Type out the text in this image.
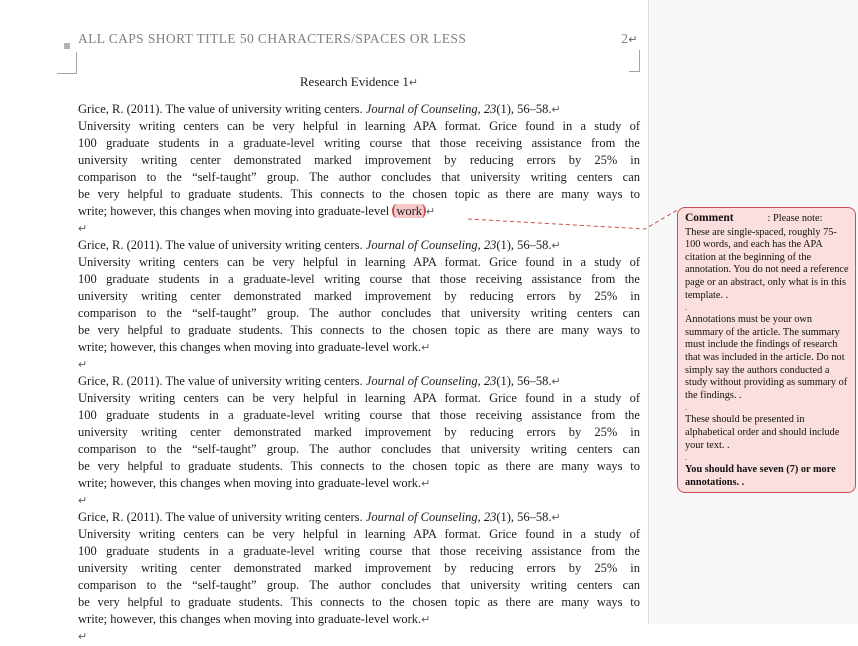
ALL CAPS SHORT TITLE 50 CHARACTERS/SPACES OR LESS	2↵
Research Evidence 1↵
Grice, R. (2011). The value of university writing centers. Journal of Counseling, 23(1), 56–58.↵
University writing centers can be very helpful in learning APA format. Grice found in a study of
100 graduate students in a graduate-level writing course that those receiving assistance from the
university writing center demonstrated marked improvement by reducing errors by 25% in
comparison to the “self-taught” group. The author concludes that university writing centers can
be very helpful to graduate students. This connects to the chosen topic as there are many ways to
write; however, this changes when moving into graduate-level work ↵
↵
Grice, R. (2011). The value of university writing centers. Journal of Counseling, 23(1), 56–58.↵
University writing centers can be very helpful in learning APA format. Grice found in a study of
100 graduate students in a graduate-level writing course that those receiving assistance from the
university writing center demonstrated marked improvement by reducing errors by 25% in
comparison to the “self-taught” group. The author concludes that university writing centers can
be very helpful to graduate students. This connects to the chosen topic as there are many ways to
write; however, this changes when moving into graduate-level work.↵
↵
Grice, R. (2011). The value of university writing centers. Journal of Counseling, 23(1), 56–58.↵
University writing centers can be very helpful in learning APA format. Grice found in a study of
100 graduate students in a graduate-level writing course that those receiving assistance from the
university writing center demonstrated marked improvement by reducing errors by 25% in
comparison to the “self-taught” group. The author concludes that university writing centers can
be very helpful to graduate students. This connects to the chosen topic as there are many ways to
write; however, this changes when moving into graduate-level work.↵
↵
Grice, R. (2011). The value of university writing centers. Journal of Counseling, 23(1), 56–58.↵
University writing centers can be very helpful in learning APA format. Grice found in a study of
100 graduate students in a graduate-level writing course that those receiving assistance from the
university writing center demonstrated marked improvement by reducing errors by 25% in
comparison to the “self-taught” group. The author concludes that university writing centers can
be very helpful to graduate students. This connects to the chosen topic as there are many ways to
write; however, this changes when moving into graduate-level work.↵
↵
Comment	: Please note:
These are single-spaced, roughly 75-100 words, and each has the APA citation at the beginning of the annotation. You do not need a reference page or an abstract, only what is in this template. .
.
Annotations must be your own summary of the article. The summary must include the findings of research that was included in the article. Do not simply say the authors conducted a study without providing as summary of the findings. .
.
These should be presented in alphabetical order and should include your text. .
.
You should have seven (7) or more annotations. .
